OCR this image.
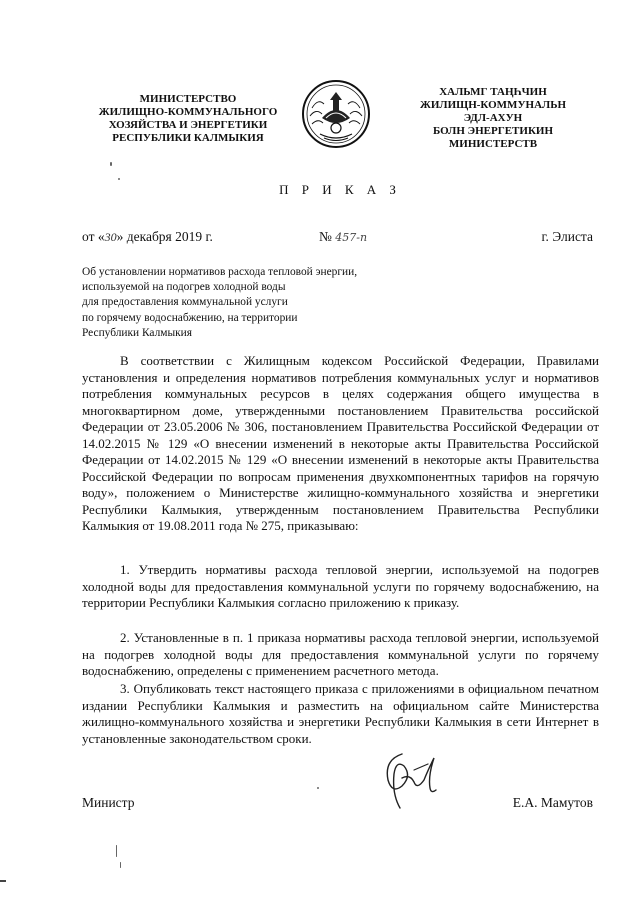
МИНИСТЕРСТВО
ЖИЛИЩНО-КОММУНАЛЬНОГО
ХОЗЯЙСТВА И ЭНЕРГЕТИКИ
РЕСПУБЛИКИ КАЛМЫКИЯ
ХАЛЬМГ ТАҢҺЧИН
ЖИЛИЩН-КОММУНАЛЬН
ЭДЛ-АХУН
БОЛН ЭНЕРГЕТИКИН
МИНИСТЕРСТВ
П Р И К А З
от «30» декабря 2019 г.	№ 457-п	г. Элиста
Об установлении нормативов расхода тепловой энергии,
используемой на подогрев холодной воды
для предоставления коммунальной услуги
по горячему водоснабжению, на территории
Республики Калмыкия
В соответствии с Жилищным кодексом Российской Федерации, Правилами установления и определения нормативов потребления коммунальных услуг и нормативов потребления коммунальных ресурсов в целях содержания общего имущества в многоквартирном доме, утвержденными постановлением Правительства российской Федерации от 23.05.2006 № 306, постановлением Правительства Российской Федерации от 14.02.2015 № 129 «О внесении изменений в некоторые акты Правительства Российской Федерации от 14.02.2015 № 129 «О внесении изменений в некоторые акты Правительства Российской Федерации по вопросам применения двухкомпонентных тарифов на горячую воду», положением о Министерстве жилищно-коммунального хозяйства и энергетики Республики Калмыкия, утвержденным постановлением Правительства Республики Калмыкия от 19.08.2011 года № 275, приказываю:
1. Утвердить нормативы расхода тепловой энергии, используемой на подогрев холодной воды для предоставления коммунальной услуги по горячему водоснабжению, на территории Республики Калмыкия согласно приложению к приказу.
2. Установленные в п. 1 приказа нормативы расхода тепловой энергии, используемой на подогрев холодной воды для предоставления коммунальной услуги по горячему водоснабжению, определены с применением расчетного метода.
3. Опубликовать текст настоящего приказа с приложениями в официальном печатном издании Республики Калмыкия и разместить на официальном сайте Министерства жилищно-коммунального хозяйства и энергетики Республики Калмыкия в сети Интернет в установленные законодательством сроки.
Министр	Е.А. Мамутов
